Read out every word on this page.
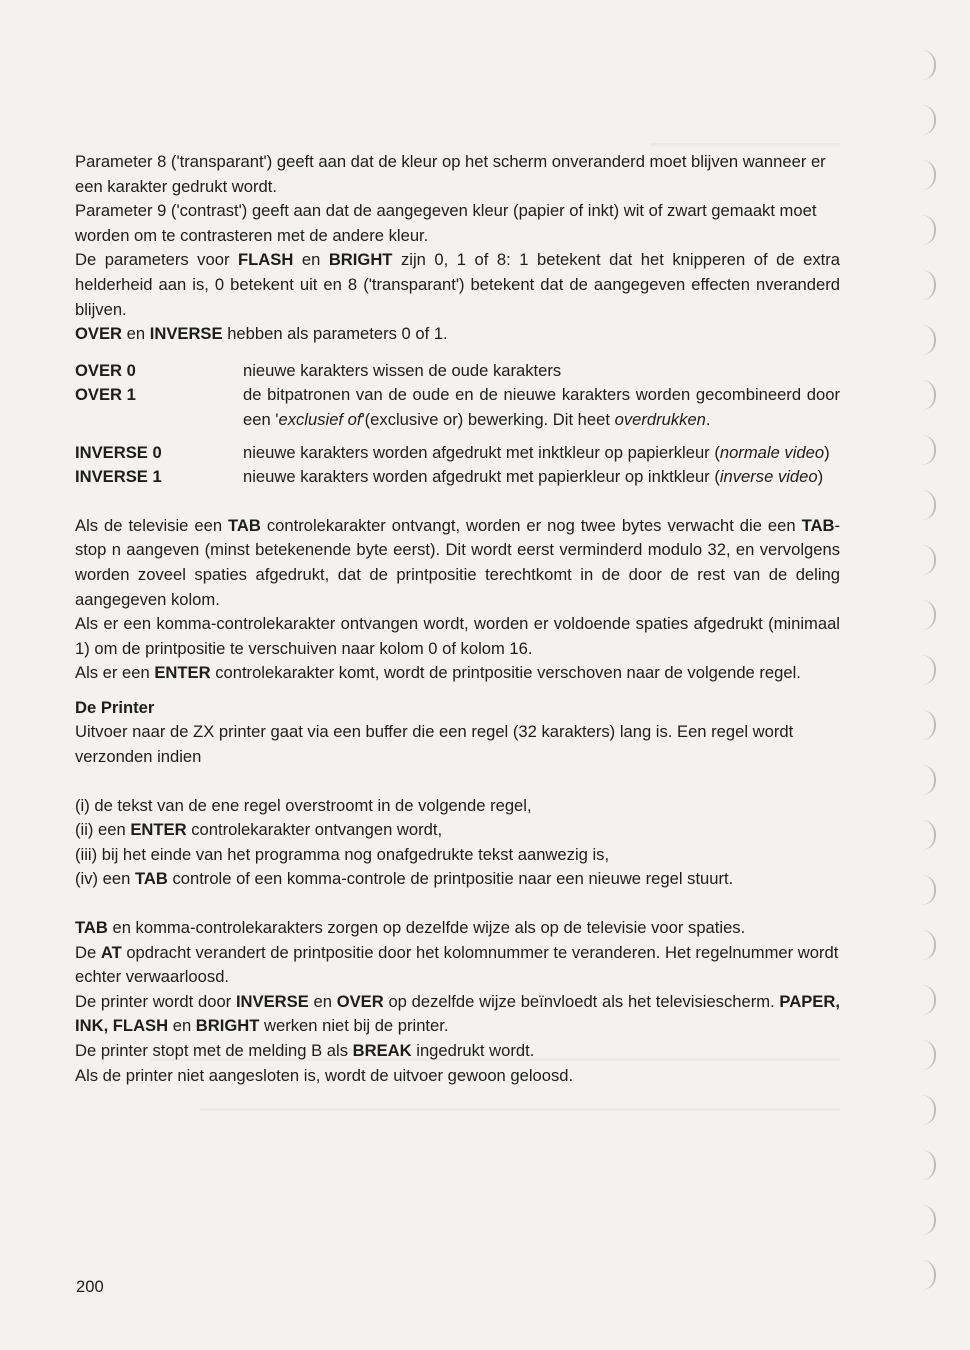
Parameter 8 ('transparant') geeft aan dat de kleur op het scherm onveranderd moet blijven wanneer er een karakter gedrukt wordt.

Parameter 9 ('contrast') geeft aan dat de aangegeven kleur (papier of inkt) wit of zwart gemaakt moet worden om te contrasteren met de andere kleur.

De parameters voor FLASH en BRIGHT zijn 0, 1 of 8: 1 betekent dat het knipperen of de extra helderheid aan is, 0 betekent uit en 8 ('transparant') betekent dat de aangegeven effecten nveranderd blijven.

OVER en INVERSE hebben als parameters 0 of 1.

OVER 0	nieuwe karakters wissen de oude karakters
OVER 1	de bitpatronen van de oude en de nieuwe karakters worden gecombineerd door een 'exclusief of'(exclusive or) bewerking. Dit heet overdrukken.
INVERSE 0	nieuwe karakters worden afgedrukt met inktkleur op papierkleur (normale video)
INVERSE 1	nieuwe karakters worden afgedrukt met papierkleur op inktkleur (inverse video)

Als de televisie een TAB controlekarakter ontvangt, worden er nog twee bytes verwacht die een TAB-stop n aangeven (minst betekenende byte eerst). Dit wordt eerst verminderd modulo 32, en vervolgens worden zoveel spaties afgedrukt, dat de printpositie terechtkomt in de door de rest van de deling aangegeven kolom.

Als er een komma-controlekarakter ontvangen wordt, worden er voldoende spaties afgedrukt (minimaal 1) om de printpositie te verschuiven naar kolom 0 of kolom 16.

Als er een ENTER controlekarakter komt, wordt de printpositie verschoven naar de volgende regel.

De Printer

Uitvoer naar de ZX printer gaat via een buffer die een regel (32 karakters) lang is. Een regel wordt verzonden indien

(i) de tekst van de ene regel overstroomt in de volgende regel,

(ii) een ENTER controlekarakter ontvangen wordt,

(iii) bij het einde van het programma nog onafgedrukte tekst aanwezig is,

(iv) een TAB controle of een komma-controle de printpositie naar een nieuwe regel stuurt.

TAB en komma-controlekarakters zorgen op dezelfde wijze als op de televisie voor spaties.

De AT opdracht verandert de printpositie door het kolomnummer te veranderen. Het regelnummer wordt echter verwaarloosd.

De printer wordt door INVERSE en OVER op dezelfde wijze beïnvloedt als het televisiescherm. PAPER, INK, FLASH en BRIGHT werken niet bij de printer.

De printer stopt met de melding B als BREAK ingedrukt wordt.

Als de printer niet aangesloten is, wordt de uitvoer gewoon geloosd.

200
